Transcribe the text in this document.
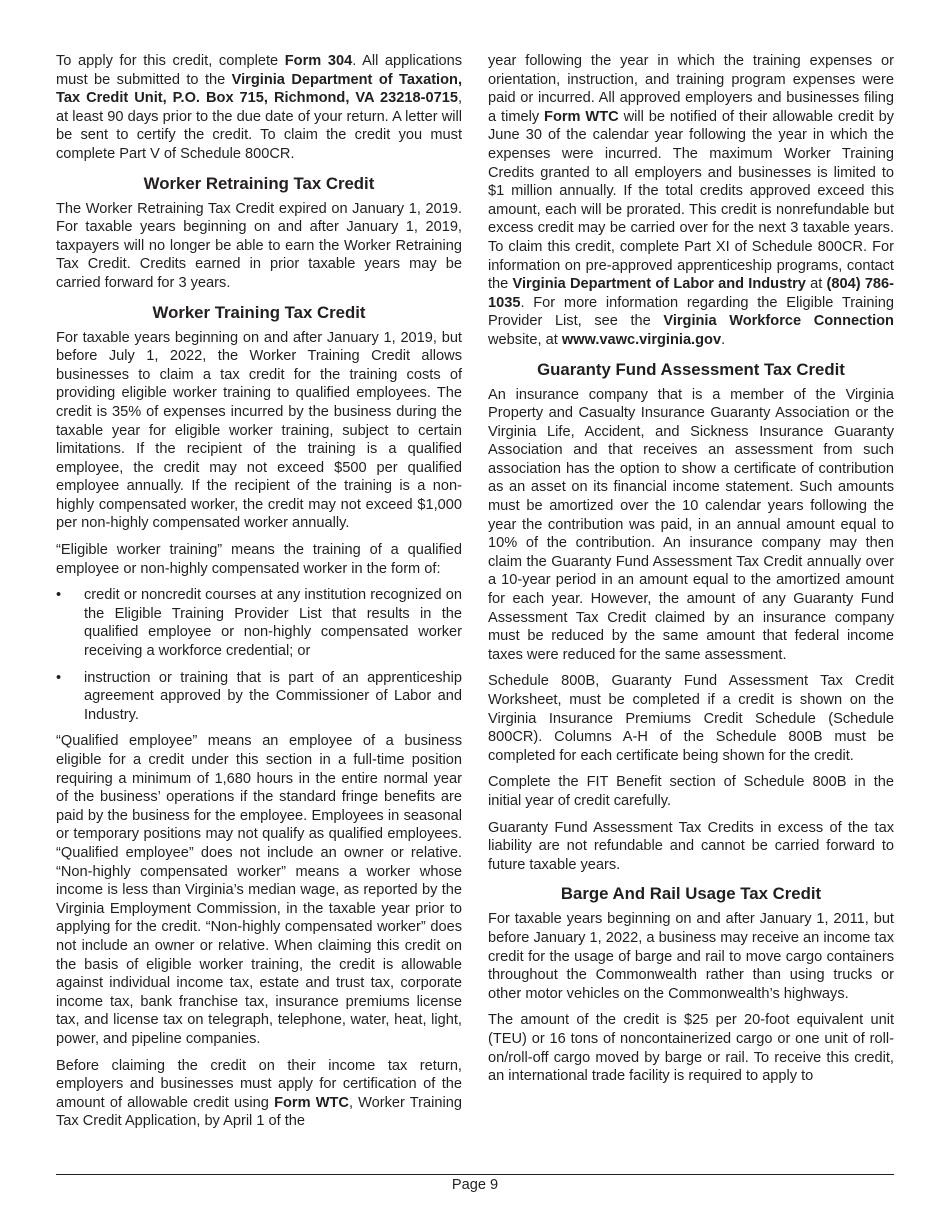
To apply for this credit, complete Form 304. All applications must be submitted to the Virginia Department of Taxation, Tax Credit Unit, P.O. Box 715, Richmond, VA 23218-0715, at least 90 days prior to the due date of your return. A letter will be sent to certify the credit. To claim the credit you must complete Part V of Schedule 800CR.

Worker Retraining Tax Credit

The Worker Retraining Tax Credit expired on January 1, 2019. For taxable years beginning on and after January 1, 2019, taxpayers will no longer be able to earn the Worker Retraining Tax Credit. Credits earned in prior taxable years may be carried forward for 3 years.

Worker Training Tax Credit

For taxable years beginning on and after January 1, 2019, but before July 1, 2022, the Worker Training Credit allows businesses to claim a tax credit for the training costs of providing eligible worker training to qualified employees. The credit is 35% of expenses incurred by the business during the taxable year for eligible worker training, subject to certain limitations. If the recipient of the training is a qualified employee, the credit may not exceed $500 per qualified employee annually. If the recipient of the training is a non-highly compensated worker, the credit may not exceed $1,000 per non-highly compensated worker annually.

“Eligible worker training” means the training of a qualified employee or non-highly compensated worker in the form of:

• credit or noncredit courses at any institution recognized on the Eligible Training Provider List that results in the qualified employee or non-highly compensated worker receiving a workforce credential; or
• instruction or training that is part of an apprenticeship agreement approved by the Commissioner of Labor and Industry.

“Qualified employee” means an employee of a business eligible for a credit under this section in a full-time position requiring a minimum of 1,680 hours in the entire normal year of the business’ operations if the standard fringe benefits are paid by the business for the employee. Employees in seasonal or temporary positions may not qualify as qualified employees. “Qualified employee” does not include an owner or relative. “Non-highly compensated worker” means a worker whose income is less than Virginia’s median wage, as reported by the Virginia Employment Commission, in the taxable year prior to applying for the credit. “Non-highly compensated worker” does not include an owner or relative. When claiming this credit on the basis of eligible worker training, the credit is allowable against individual income tax, estate and trust tax, corporate income tax, bank franchise tax, insurance premiums license tax, and license tax on telegraph, telephone, water, heat, light, power, and pipeline companies.

Before claiming the credit on their income tax return, employers and businesses must apply for certification of the amount of allowable credit using Form WTC, Worker Training Tax Credit Application, by April 1 of the

year following the year in which the training expenses or orientation, instruction, and training program expenses were paid or incurred. All approved employers and businesses filing a timely Form WTC will be notified of their allowable credit by June 30 of the calendar year following the year in which the expenses were incurred. The maximum Worker Training Credits granted to all employers and businesses is limited to $1 million annually. If the total credits approved exceed this amount, each will be prorated. This credit is nonrefundable but excess credit may be carried over for the next 3 taxable years. To claim this credit, complete Part XI of Schedule 800CR. For information on pre-approved apprenticeship programs, contact the Virginia Department of Labor and Industry at (804) 786-1035. For more information regarding the Eligible Training Provider List, see the Virginia Workforce Connection website, at www.vawc.virginia.gov.

Guaranty Fund Assessment Tax Credit

An insurance company that is a member of the Virginia Property and Casualty Insurance Guaranty Association or the Virginia Life, Accident, and Sickness Insurance Guaranty Association and that receives an assessment from such association has the option to show a certificate of contribution as an asset on its financial income statement. Such amounts must be amortized over the 10 calendar years following the year the contribution was paid, in an annual amount equal to 10% of the contribution. An insurance company may then claim the Guaranty Fund Assessment Tax Credit annually over a 10-year period in an amount equal to the amortized amount for each year. However, the amount of any Guaranty Fund Assessment Tax Credit claimed by an insurance company must be reduced by the same amount that federal income taxes were reduced for the same assessment.

Schedule 800B, Guaranty Fund Assessment Tax Credit Worksheet, must be completed if a credit is shown on the Virginia Insurance Premiums Credit Schedule (Schedule 800CR). Columns A-H of the Schedule 800B must be completed for each certificate being shown for the credit.

Complete the FIT Benefit section of Schedule 800B in the initial year of credit carefully.

Guaranty Fund Assessment Tax Credits in excess of the tax liability are not refundable and cannot be carried forward to future taxable years.

Barge And Rail Usage Tax Credit

For taxable years beginning on and after January 1, 2011, but before January 1, 2022, a business may receive an income tax credit for the usage of barge and rail to move cargo containers throughout the Commonwealth rather than using trucks or other motor vehicles on the Commonwealth’s highways.

The amount of the credit is $25 per 20-foot equivalent unit (TEU) or 16 tons of noncontainerized cargo or one unit of roll-on/roll-off cargo moved by barge or rail. To receive this credit, an international trade facility is required to apply to

Page 9
